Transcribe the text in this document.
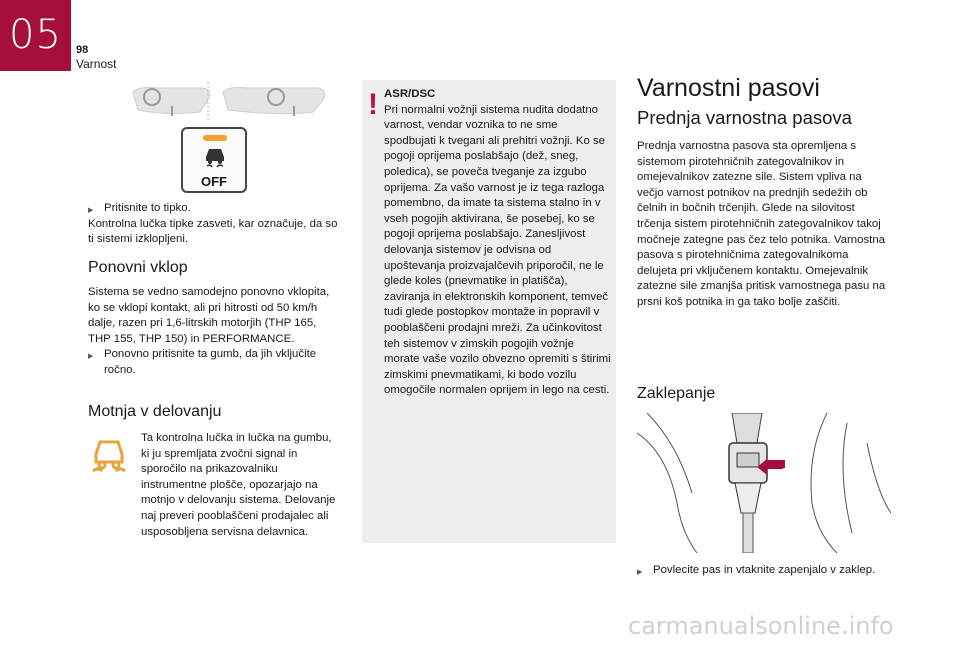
05	98
Varnost
OFF

▶ Pritisnite to tipko.

Kontrolna lučka tipke zasveti, kar označuje, da so ti sistemi izklopljeni.

Ponovni vklop

Sistema se vedno samodejno ponovno vklopita, ko se vklopi kontakt, ali pri hitrosti od 50 km/h dalje, razen pri 1,6-litrskih motorjih (THP 165, THP 155, THP 150) in PERFORMANCE.

▶ Ponovno pritisnite ta gumb, da jih vključite ročno.

Motnja v delovanju

Ta kontrolna lučka in lučka na gumbu, ki ju spremljata zvočni signal in sporočilo na prikazovalniku instrumentne plošče, opozarjajo na motnjo v delovanju sistema. Delovanje naj preveri pooblaščeni prodajalec ali usposobljena servisna delavnica.

! ASR/DSC

Pri normalni vožnji sistema nudita dodatno varnost, vendar voznika to ne sme spodbujati k tvegani ali prehitri vožnji. Ko se pogoji oprijema poslabšajo (dež, sneg, poledica), se poveča tveganje za izgubo oprijema. Za vašo varnost je iz tega razloga pomembno, da imate ta sistema stalno in v vseh pogojih aktivirana, še posebej, ko se pogoji oprijema poslabšajo. Zanesljivost delovanja sistemov je odvisna od upoštevanja proizvajalčevih priporočil, ne le glede koles (pnevmatike in platišča), zaviranja in elektronskih komponent, temveč tudi glede postopkov montaže in popravil v pooblaščeni prodajni mreži. Za učinkovitost teh sistemov v zimskih pogojih vožnje morate vaše vozilo obvezno opremiti s štirimi zimskimi pnevmatikami, ki bodo vozilu omogočile normalen oprijem in lego na cesti.

Varnostni pasovi
Prednja varnostna pasova

Prednja varnostna pasova sta opremljena s sistemom pirotehničnih zategovalnikov in omejevalnikov zatezne sile. Sistem vpliva na večjo varnost potnikov na prednjih sedežih ob čelnih in bočnih trčenjih. Glede na silovitost trčenja sistem pirotehničnih zategovalnikov takoj močneje zategne pas čez telo potnika. Varnostna pasova s pirotehničnima zategovalnikoma delujeta pri vključenem kontaktu. Omejevalnik zatezne sile zmanjša pritisk varnostnega pasu na prsni koš potnika in ga tako bolje zaščiti.

Zaklepanje

▶ Povlecite pas in vtaknite zapenjalo v zaklep.

carmanualsonline.info
